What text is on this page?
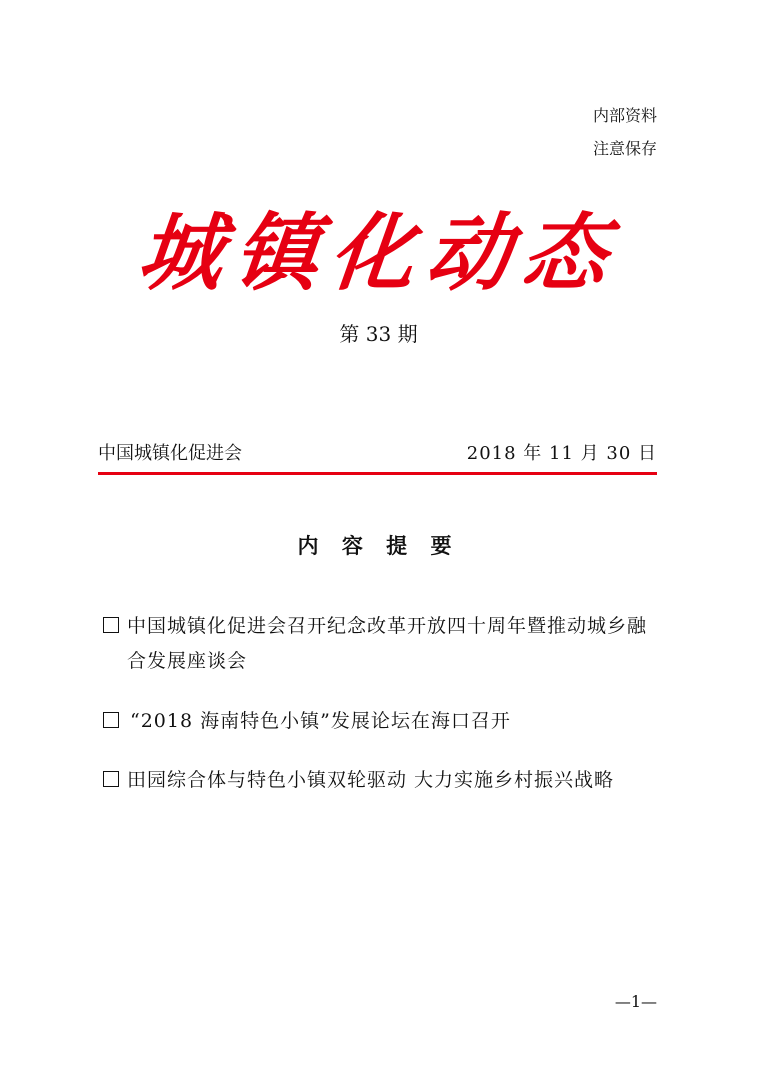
内部资料
注意保存
城镇化动态
第 33 期
中国城镇化促进会	2018 年 11 月 30 日
内 容 提 要
中国城镇化促进会召开纪念改革开放四十周年暨推动城乡融合发展座谈会
“2018 海南特色小镇”发展论坛在海口召开
田园综合体与特色小镇双轮驱动 大力实施乡村振兴战略
—1—
